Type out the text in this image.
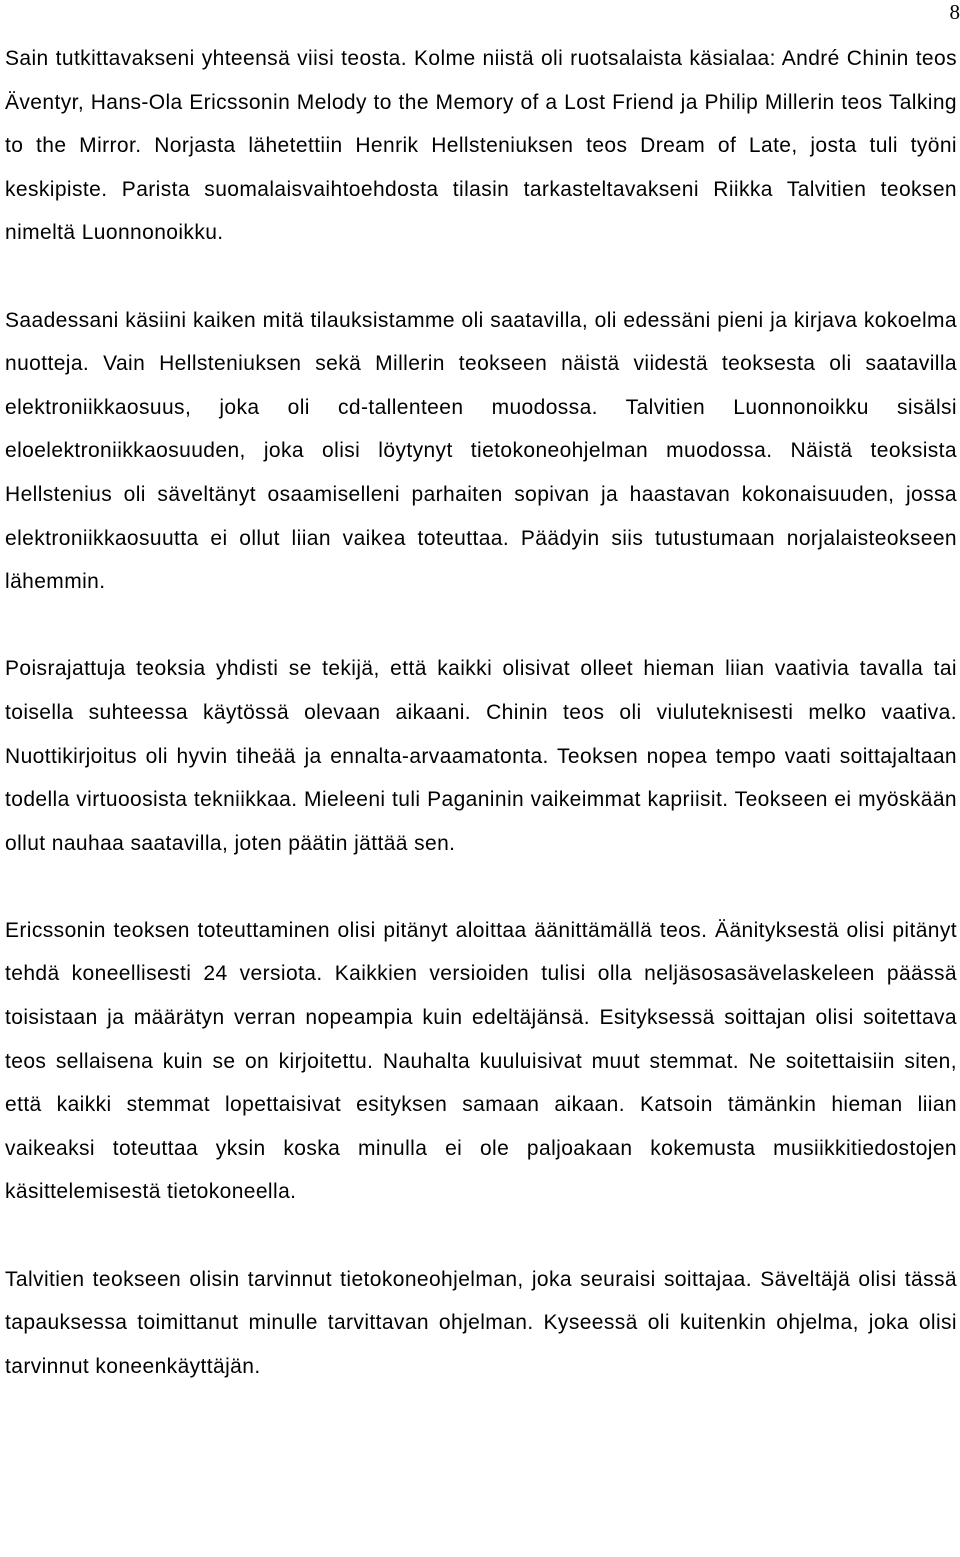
8

Sain tutkittavakseni yhteensä viisi teosta. Kolme niistä oli ruotsalaista käsialaa: André Chinin teos Äventyr, Hans-Ola Ericssonin Melody to the Memory of a Lost Friend ja Philip Millerin teos Talking to the Mirror. Norjasta lähetettiin Henrik Hellsteniuksen teos Dream of Late, josta tuli työni keskipiste. Parista suomalaisvaihtoehdosta tilasin tarkasteltavakseni Riikka Talvitien teoksen nimeltä Luonnonoikku.

Saadessani käsiini kaiken mitä tilauksistamme oli saatavilla, oli edessäni pieni ja kirjava kokoelma nuotteja. Vain Hellsteniuksen sekä Millerin teokseen näistä viidestä teoksesta oli saatavilla elektroniikkaosuus, joka oli cd-tallenteen muodossa. Talvitien Luonnonoikku sisälsi eloelektroniikkaosuuden, joka olisi löytynyt tietokoneohjelman muodossa. Näistä teoksista Hellstenius oli säveltänyt osaamiselleni parhaiten sopivan ja haastavan kokonaisuuden, jossa elektroniikkaosuutta ei ollut liian vaikea toteuttaa. Päädyin siis tutustumaan norjalaisteokseen lähemmin.

Poisrajattuja teoksia yhdisti se tekijä, että kaikki olisivat olleet hieman liian vaativia tavalla tai toisella suhteessa käytössä olevaan aikaani. Chinin teos oli viuluteknisesti melko vaativa. Nuottikirjoitus oli hyvin tiheää ja ennalta-arvaamatonta. Teoksen nopea tempo vaati soittajaltaan todella virtuoosista tekniikkaa. Mieleeni tuli Paganinin vaikeimmat kapriisit. Teokseen ei myöskään ollut nauhaa saatavilla, joten päätin jättää sen.

Ericssonin teoksen toteuttaminen olisi pitänyt aloittaa äänittämällä teos. Äänityksestä olisi pitänyt tehdä koneellisesti 24 versiota. Kaikkien versioiden tulisi olla neljäsosasävelaskeleen päässä toisistaan ja määrätyn verran nopeampia kuin edeltäjänsä. Esityksessä soittajan olisi soitettava teos sellaisena kuin se on kirjoitettu. Nauhalta kuuluisivat muut stemmat. Ne soitettaisiin siten, että kaikki stemmat lopettaisivat esityksen samaan aikaan. Katsoin tämänkin hieman liian vaikeaksi toteuttaa yksin koska minulla ei ole paljoakaan kokemusta musiikkitiedostojen käsittelemisestä tietokoneella.

Talvitien teokseen olisin tarvinnut tietokoneohjelman, joka seuraisi soittajaa. Säveltäjä olisi tässä tapauksessa toimittanut minulle tarvittavan ohjelman. Kyseessä oli kuitenkin ohjelma, joka olisi tarvinnut koneenkäyttäjän.
